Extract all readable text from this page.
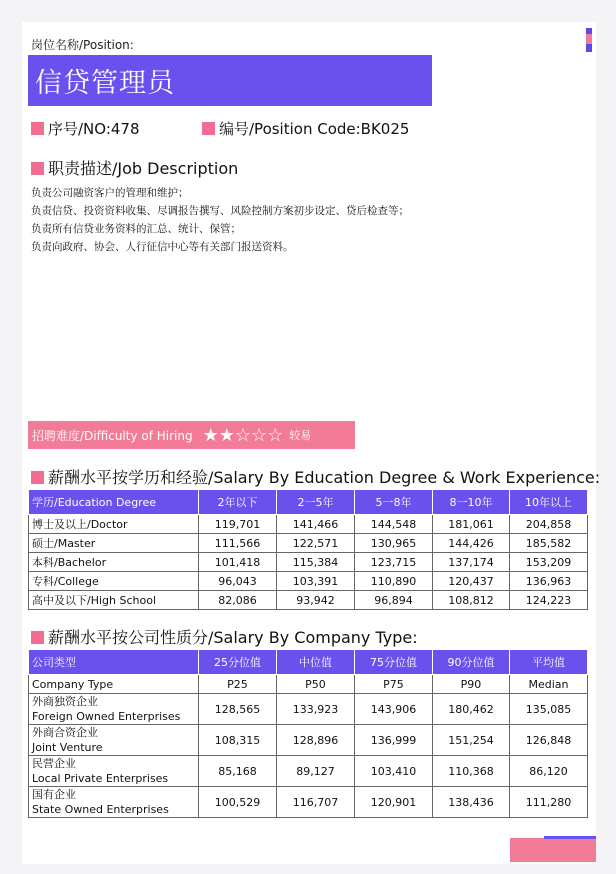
岗位名称/Position:
信贷管理员
序号/NO:478	编号/Position Code:BK025
职责描述/Job Description
负责公司融资客户的管理和维护；
负责信贷、投资资料收集、尽调报告撰写、风险控制方案初步设定、贷后检查等；
负责所有信贷业务资料的汇总、统计、保管；
负责向政府、协会、人行征信中心等有关部门报送资料。
招聘难度/Difficulty of Hiring ★★☆☆☆ 较易
薪酬水平按学历和经验/Salary By Education Degree & Work Experience:
学历/Education Degree	2年以下	2一5年	5一8年	8一10年	10年以上
博士及以上/Doctor	119,701	141,466	144,548	181,061	204,858
硕士/Master	111,566	122,571	130,965	144,426	185,582
本科/Bachelor	101,418	115,384	123,715	137,174	153,209
专科/College	96,043	103,391	110,890	120,437	136,963
高中及以下/High School	82,086	93,942	96,894	108,812	124,223
薪酬水平按公司性质分/Salary By Company Type:
公司类型	25分位值	中位值	75分位值	90分位值	平均值
Company Type	P25	P50	P75	P90	Median

外商独资企业
Foreign Owned Enterprises	128,565	133,923	143,906	180,462	135,085

外商合资企业
Joint Venture	108,315	128,896	136,999	151,254	126,848

民营企业
Local Private Enterprises	85,168	89,127	103,410	110,368	86,120

国有企业
State Owned Enterprises	100,529	116,707	120,901	138,436	111,280
